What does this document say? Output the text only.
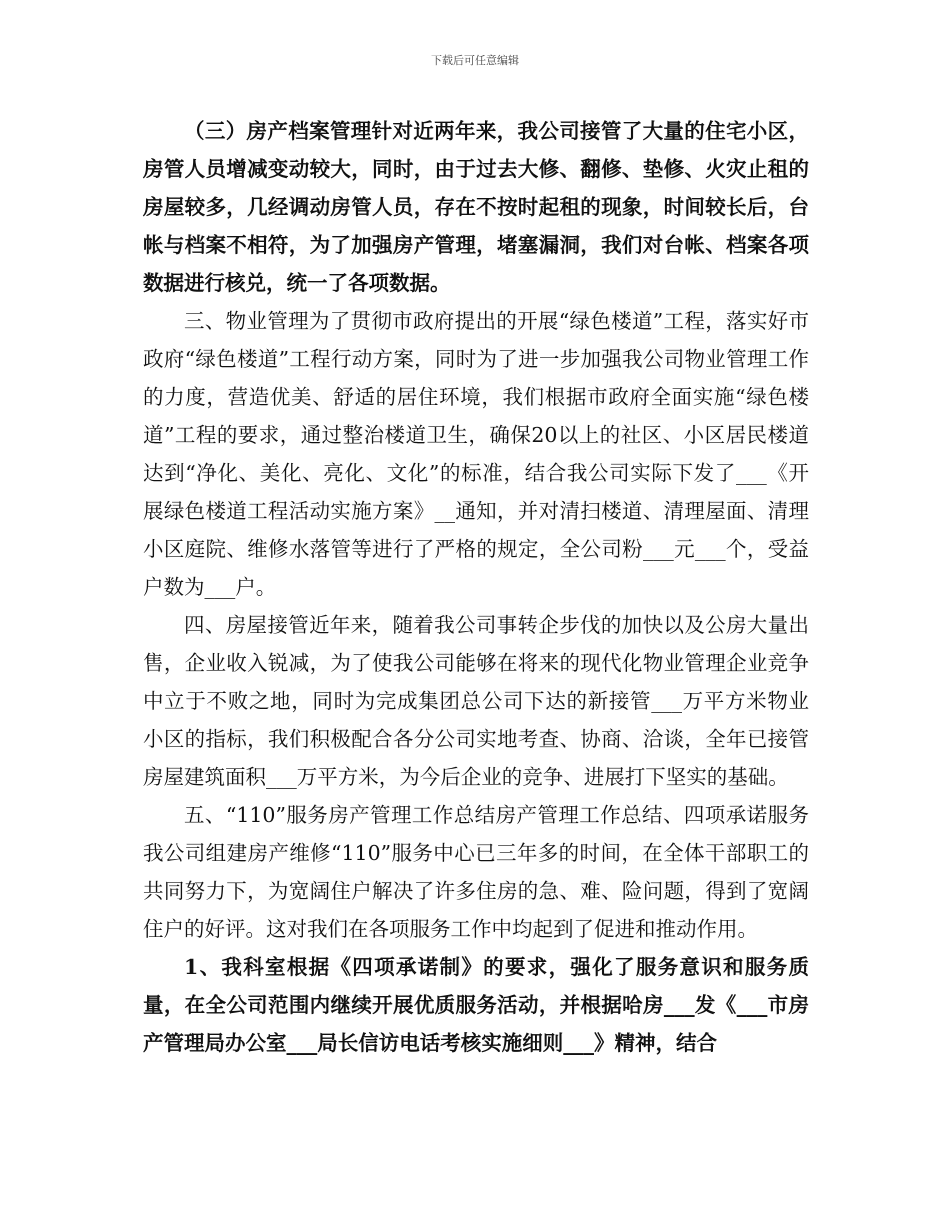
下载后可任意编辑

（三）房产档案管理针对近两年来，我公司接管了大量的住宅小区，房管人员增减变动较大，同时，由于过去大修、翻修、垫修、火灾止租的房屋较多，几经调动房管人员，存在不按时起租的现象，时间较长后，台帐与档案不相符，为了加强房产管理，堵塞漏洞，我们对台帐、档案各项数据进行核兑，统一了各项数据。

三、物业管理为了贯彻市政府提出的开展“绿色楼道”工程，落实好市政府“绿色楼道”工程行动方案，同时为了进一步加强我公司物业管理工作的力度，营造优美、舒适的居住环境，我们根据市政府全面实施“绿色楼道”工程的要求，通过整治楼道卫生，确保20以上的社区、小区居民楼道达到“净化、美化、亮化、文化”的标准，结合我公司实际下发了___《开展绿色楼道工程活动实施方案》__通知，并对清扫楼道、清理屋面、清理小区庭院、维修水落管等进行了严格的规定，全公司粉___元___个，受益户数为___户。

四、房屋接管近年来，随着我公司事转企步伐的加快以及公房大量出售，企业收入锐减，为了使我公司能够在将来的现代化物业管理企业竞争中立于不败之地，同时为完成集团总公司下达的新接管___万平方米物业小区的指标，我们积极配合各分公司实地考查、协商、洽谈，全年已接管房屋建筑面积___万平方米，为今后企业的竞争、进展打下坚实的基础。

五、“110”服务房产管理工作总结房产管理工作总结、四项承诺服务我公司组建房产维修“110”服务中心已三年多的时间，在全体干部职工的共同努力下，为宽阔住户解决了许多住房的急、难、险问题，得到了宽阔住户的好评。这对我们在各项服务工作中均起到了促进和推动作用。

1、我科室根据《四项承诺制》的要求，强化了服务意识和服务质量，在全公司范围内继续开展优质服务活动，并根据哈房___发《___市房产管理局办公室___局长信访电话考核实施细则___》精神，结合
